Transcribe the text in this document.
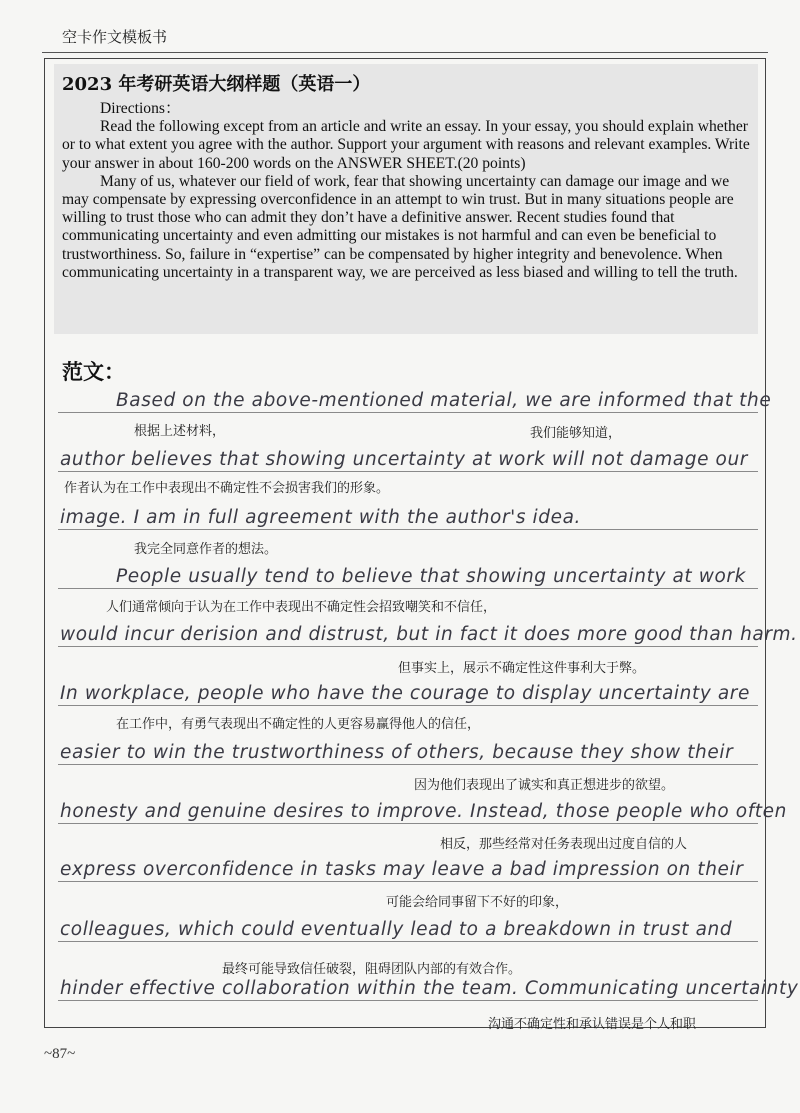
空卡作文模板书
2023 年考研英语大纲样题（英语一）

Directions：

Read the following except from an article and write an essay. In your essay, you should explain whether or to what extent you agree with the author. Support your argument with reasons and relevant examples. Write your answer in about 160-200 words on the ANSWER SHEET.(20 points)

Many of us, whatever our field of work, fear that showing uncertainty can damage our image and we may compensate by expressing overconfidence in an attempt to win trust. But in many situations people are willing to trust those who can admit they don’t have a definitive answer. Recent studies found that communicating uncertainty and even admitting our mistakes is not harmful and can even be beneficial to trustworthiness. So, failure in “expertise” can be compensated by higher integrity and benevolence. When communicating uncertainty in a transparent way, we are perceived as less biased and willing to tell the truth.

范文：
Based on the above-mentioned material, we are informed that the
根据上述材料，	我们能够知道，
author believes that showing uncertainty at work will not damage our
作者认为在工作中表现出不确定性不会损害我们的形象。
image. I am in full agreement with the author's idea.
我完全同意作者的想法。
People usually tend to believe that showing uncertainty at work
人们通常倾向于认为在工作中表现出不确定性会招致嘲笑和不信任，
would incur derision and distrust, but in fact it does more good than harm.
但事实上，展示不确定性这件事利大于弊。
In workplace, people who have the courage to display uncertainty are
在工作中，有勇气表现出不确定性的人更容易赢得他人的信任，
easier to win the trustworthiness of others, because they show their
因为他们表现出了诚实和真正想进步的欲望。
honesty and genuine desires to improve. Instead, those people who often
相反，那些经常对任务表现出过度自信的人
express overconfidence in tasks may leave a bad impression on their
可能会给同事留下不好的印象，
colleagues, which could eventually lead to a breakdown in trust and
最终可能导致信任破裂，阻碍团队内部的有效合作。
hinder effective collaboration within the team. Communicating uncertainty
沟通不确定性和承认错误是个人和职
~87~
